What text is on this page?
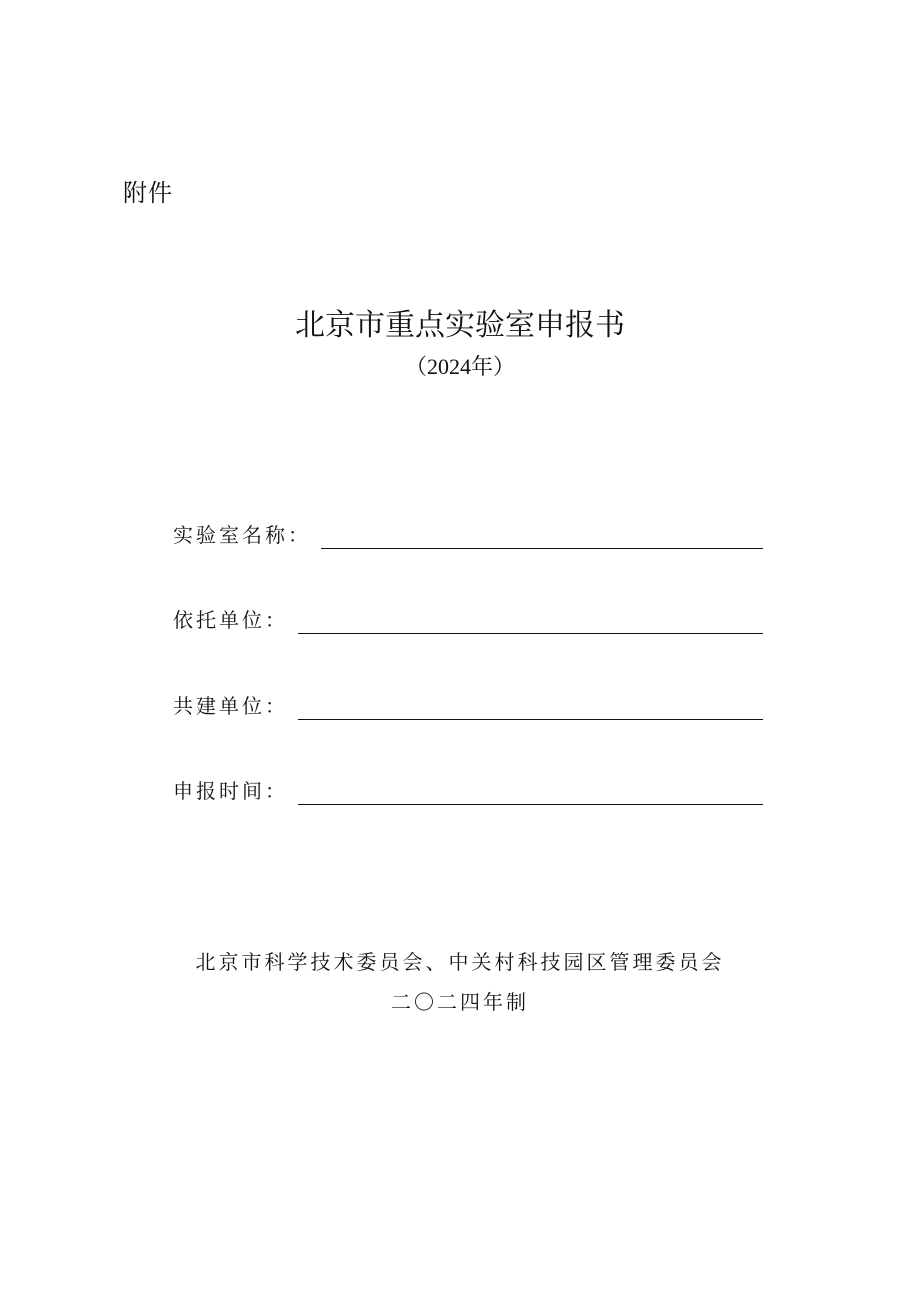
附件
北京市重点实验室申报书
（2024年）
实验室名称：
依托单位：
共建单位：
申报时间：
北京市科学技术委员会、中关村科技园区管理委员会
二〇二四年制
